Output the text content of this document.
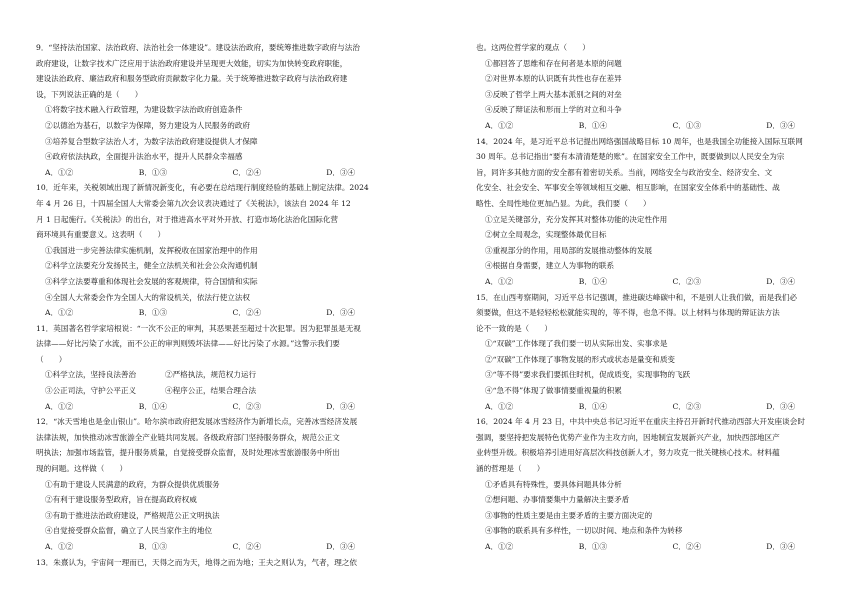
9．“坚持法治国家、法治政府、法治社会一体建设”。建设法治政府，要统筹推进数字政府与法治
政府建设，让数字技术广泛应用于法治政府建设并呈现更大效能，切实为加快转变政府职能，
建设法治政府、廉洁政府和服务型政府贡献数字化力量。关于统筹推进数字政府与法治政府建
设，下列说法正确的是（　　）
①将数字技术融入行政管理，为建设数字法治政府创造条件
②以德治为基石，以数字为保障，努力建设为人民服务的政府
③培养复合型数字法治人才，为数字法治政府建设提供人才保障
④政府依法执政，全面提升法治水平，提升人民群众幸福感
A．①②	B．①③	C．②④	D．③④
10．近年来，关税领域出现了新情况新变化，有必要在总结现行制度经验的基础上制定法律。2024
年 4 月 26 日，十四届全国人大常委会第九次会议表决通过了《关税法》，该法自 2024 年 12
月 1 日起施行。《关税法》的出台，对于推进高水平对外开放、打造市场化法治化国际化营
商环境具有重要意义。这表明（　　）
①我国进一步完善法律实施机制，发挥税收在国家治理中的作用
②科学立法要充分发扬民主，健全立法机关和社会公众沟通机制
③科学立法要尊重和体现社会发展的客观规律，符合国情和实际
④全国人大常委会作为全国人大的常设机关，依法行使立法权
A．①②	B．①③	C．②④	D．③④
11．英国著名哲学家培根说：“一次不公正的审判，其恶果甚至超过十次犯罪。因为犯罪虽是无视
法律——好比污染了水流，而不公正的审判则毁坏法律——好比污染了水源。”这警示我们要
（　　）
①科学立法，坚持良法善治	②严格执法，规范权力运行
③公正司法，守护公平正义	④程序公正，结果合理合法
A．①②	B．①④	C．②③	D．③④
12．“冰天雪地也是金山银山”。哈尔滨市政府把发展冰雪经济作为新增长点，完善冰雪经济发展
法律法规，加快推动冰雪旅游全产业链共同发展。各级政府部门坚持服务群众，规范公正文
明执法；加强市场监管，提升服务质量，自觉接受群众监督，及时处理冰雪旅游服务中所出
现的问题。这样做（　　）
①有助于建设人民满意的政府，为群众提供优质服务
②有利于建设服务型政府，旨在提高政府权威
③有助于推进法治政府建设，严格规范公正文明执法
④自觉接受群众监督，确立了人民当家作主的地位
A．①②	B．①③	C．②④	D．③④
13．朱熹认为，宇宙间一理而已，天得之而为天，地得之而为地；王夫之则认为，气者，理之依
也。这两位哲学家的观点（　　）
①都回答了思维和存在何者是本原的问题
②对世界本原的认识既有共性也存在差异
③反映了哲学上两大基本派别之间的对垒
④反映了辩证法和形而上学的对立和斗争
A．①②	B．①④	C．①③	D．③④
14．2024 年，是习近平总书记提出网络强国战略目标 10 周年，也是我国全功能接入国际互联网
30 周年。总书记指出“要有本清清楚楚的账”。在国家安全工作中，既要做到以人民安全为宗
旨，同许多其他方面的安全都有着密切关系。当前，网络安全与政治安全、经济安全、文
化安全、社会安全、军事安全等领域相互交融、相互影响，在国家安全体系中的基础性、战
略性、全局性地位更加凸显。为此，我们要（　　）
①立足关键部分，充分发挥其对整体功能的决定性作用
②树立全局观念，实现整体最优目标
③重视部分的作用，用局部的发展推动整体的发展
④根据自身需要，建立人为事物的联系
A．①②	B．①④	C．②③	D．③④
15．在山西考察期间，习近平总书记强调，推进碳达峰碳中和，不是别人让我们做，而是我们必
须要做，但这不是轻轻松松就能实现的，等不得，也急不得。以上材料与体现的辩证法方法
论不一致的是（　　）
①“双碳”工作体现了我们要一切从实际出发、实事求是
②“双碳”工作体现了事物发展的形式或状态是量变和质变
③“等不得”要求我们要抓住时机，促成质变，实现事物的飞跃
④“急不得”体现了做事情要重视量的积累
A．①②	B．①④	C．②③	D．③④
16．2024 年 4 月 23 日，中共中央总书记习近平在重庆主持召开新时代推动西部大开发座谈会时
强调，要坚持把发展特色优势产业作为主攻方向，因地制宜发展新兴产业，加快西部地区产
业转型升级。积极培养引进用好高层次科技创新人才，努力攻克一批关键核心技术。材料蕴
涵的哲理是（　　）
①矛盾具有特殊性，要具体问题具体分析
②想问题、办事情要集中力量解决主要矛盾
③事物的性质主要是由主要矛盾的主要方面决定的
④事物的联系具有多样性，一切以时间、地点和条件为转移
A．①②	B．①③	C．②④	D．③④
